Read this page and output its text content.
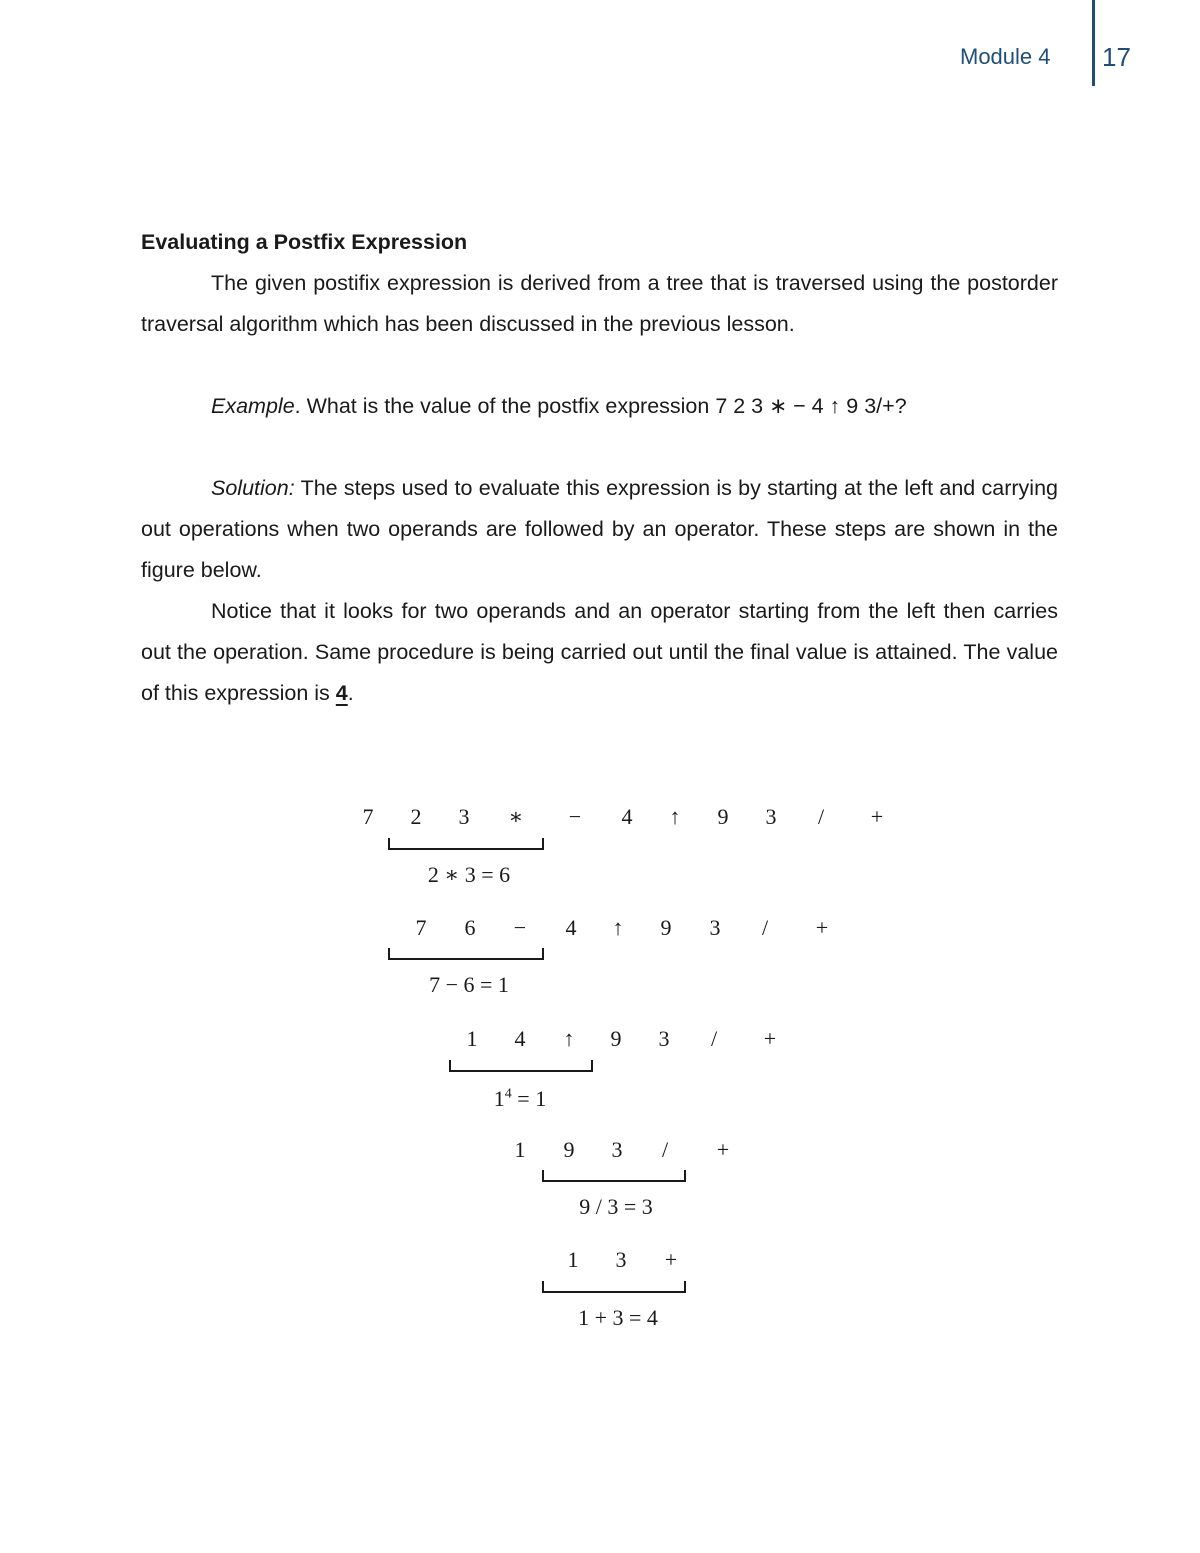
Module 4	17

Evaluating a Postfix Expression

The given postifix expression is derived from a tree that is traversed using the postorder traversal algorithm which has been discussed in the previous lesson.

Example. What is the value of the postfix expression 7 2 3 ∗ − 4 ↑ 9 3/+?

Solution: The steps used to evaluate this expression is by starting at the left and carrying out operations when two operands are followed by an operator. These steps are shown in the figure below.

Notice that it looks for two operands and an operator starting from the left then carries out the operation. Same procedure is being carried out until the final value is attained. The value of this expression is 4.

7 2 3 ∗ − 4 ↑ 9 3 / +
2 ∗ 3 = 6
7 6 − 4 ↑ 9 3 / +
7 − 6 = 1
1 4 ↑ 9 3 / +
$1^4 = 1$
1 9 3 / +
9 / 3 = 3
1 3 +
1 + 3 = 4
